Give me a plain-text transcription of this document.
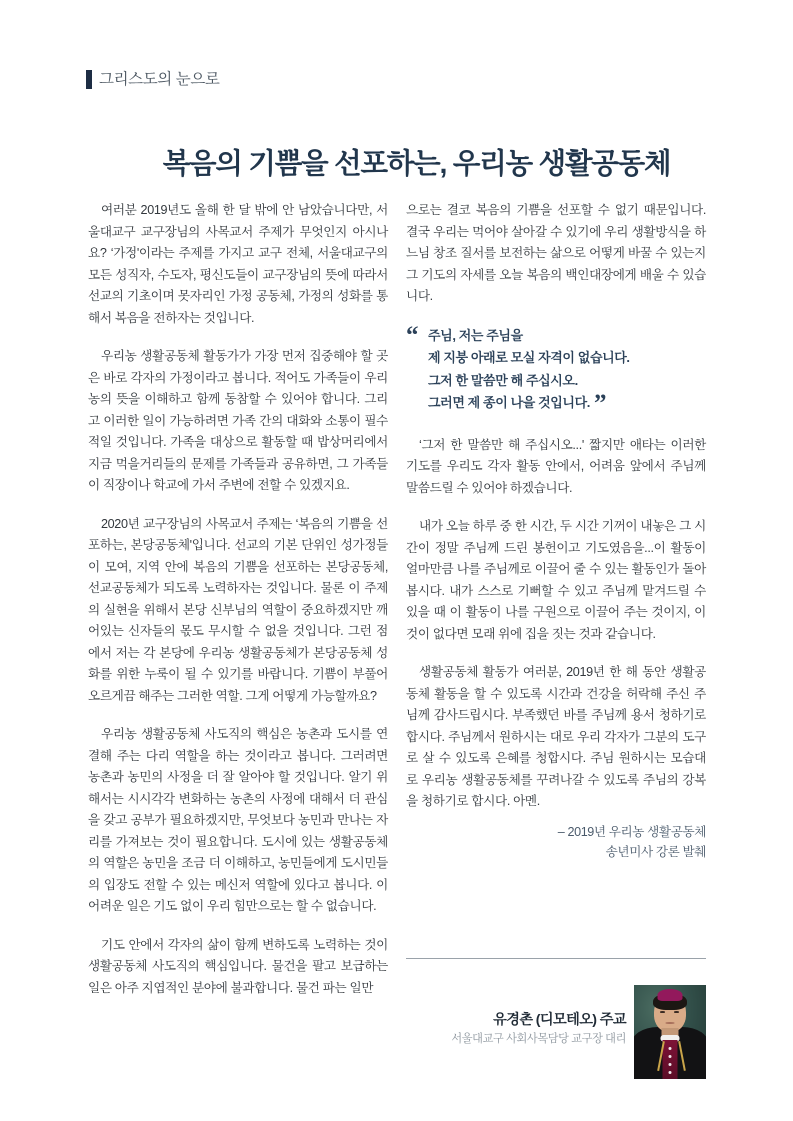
그리스도의 눈으로
복음의 기쁨을 선포하는, 우리농 생활공동체

여러분 2019년도 올해 한 달 밖에 안 남았습니다만, 서울대교구 교구장님의 사목교서 주제가 무엇인지 아시나요? ‘가정'이라는 주제를 가지고 교구 전체, 서울대교구의 모든 성직자, 수도자, 평신도들이 교구장님의 뜻에 따라서 선교의 기초이며 못자리인 가정 공동체, 가정의 성화를 통해서 복음을 전하자는 것입니다.

우리농 생활공동체 활동가가 가장 먼저 집중해야 할 곳은 바로 각자의 가정이라고 봅니다. 적어도 가족들이 우리농의 뜻을 이해하고 함께 동참할 수 있어야 합니다. 그리고 이러한 일이 가능하려면 가족 간의 대화와 소통이 필수적일 것입니다. 가족을 대상으로 활동할 때 밥상머리에서 지금 먹을거리들의 문제를 가족들과 공유하면, 그 가족들이 직장이나 학교에 가서 주변에 전할 수 있겠지요.

2020년 교구장님의 사목교서 주제는 ‘복음의 기쁨을 선포하는, 본당공동체'입니다. 선교의 기본 단위인 성가정들이 모여, 지역 안에 복음의 기쁨을 선포하는 본당공동체, 선교공동체가 되도록 노력하자는 것입니다. 물론 이 주제의 실현을 위해서 본당 신부님의 역할이 중요하겠지만 깨어있는 신자들의 몫도 무시할 수 없을 것입니다. 그런 점에서 저는 각 본당에 우리농 생활공동체가 본당공동체 성화를 위한 누룩이 될 수 있기를 바랍니다. 기쁨이 부풀어 오르게끔 해주는 그러한 역할. 그게 어떻게 가능할까요?

우리농 생활공동체 사도직의 핵심은 농촌과 도시를 연결해 주는 다리 역할을 하는 것이라고 봅니다. 그러려면 농촌과 농민의 사정을 더 잘 알아야 할 것입니다. 알기 위해서는 시시각각 변화하는 농촌의 사정에 대해서 더 관심을 갖고 공부가 필요하겠지만, 무엇보다 농민과 만나는 자리를 가져보는 것이 필요합니다. 도시에 있는 생활공동체의 역할은 농민을 조금 더 이해하고, 농민들에게 도시민들의 입장도 전할 수 있는 메신저 역할에 있다고 봅니다. 이 어려운 일은 기도 없이 우리 힘만으로는 할 수 없습니다.

기도 안에서 각자의 삶이 함께 변하도록 노력하는 것이 생활공동체 사도직의 핵심입니다. 물건을 팔고 보급하는 일은 아주 지엽적인 분야에 불과합니다. 물건 파는 일만

으로는 결코 복음의 기쁨을 선포할 수 없기 때문입니다. 결국 우리는 먹어야 살아갈 수 있기에 우리 생활방식을 하느님 창조 질서를 보전하는 삶으로 어떻게 바꿀 수 있는지 그 기도의 자세를 오늘 복음의 백인대장에게 배울 수 있습니다.

“ 주님, 저는 주님을
제 지붕 아래로 모실 자격이 없습니다.
그저 한 말씀만 해 주십시오.
그러면 제 종이 나을 것입니다. ”

‘그저 한 말씀만 해 주십시오...' 짧지만 애타는 이러한 기도를 우리도 각자 활동 안에서, 어려움 앞에서 주님께 말씀드릴 수 있어야 하겠습니다.

내가 오늘 하루 중 한 시간, 두 시간 기꺼이 내놓은 그 시간이 정말 주님께 드린 봉헌이고 기도였음을...이 활동이 얼마만큼 나를 주님께로 이끌어 줄 수 있는 활동인가 돌아봅시다. 내가 스스로 기뻐할 수 있고 주님께 맡겨드릴 수 있을 때 이 활동이 나를 구원으로 이끌어 주는 것이지, 이것이 없다면 모래 위에 집을 짓는 것과 같습니다.

생활공동체 활동가 여러분, 2019년 한 해 동안 생활공동체 활동을 할 수 있도록 시간과 건강을 허락해 주신 주님께 감사드립시다. 부족했던 바를 주님께 용서 청하기로 합시다. 주님께서 원하시는 대로 우리 각자가 그분의 도구로 살 수 있도록 은혜를 청합시다. 주님 원하시는 모습대로 우리농 생활공동체를 꾸려나갈 수 있도록 주님의 강복을 청하기로 합시다. 아멘.

– 2019년 우리농 생활공동체
송년미사 강론 발췌
유경촌 (디모테오) 주교
서울대교구 사회사목담당 교구장 대리
